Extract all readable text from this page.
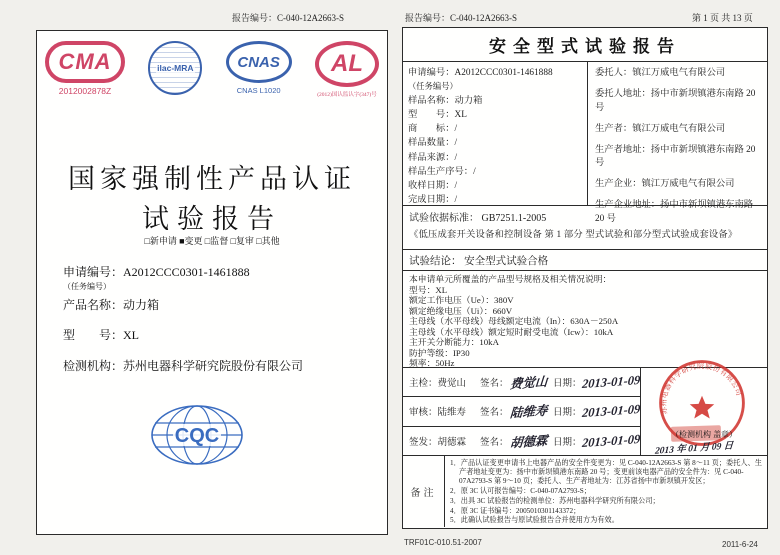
报告编号：C-040-12A2663-S	报告编号：C-040-12A2663-S	第 1 页 共 13 页
CMA
2012002878Z
ilac-MRA	CNAS
CNAS L1020
AL
(2012)国认监认字(347)号
国家强制性产品认证
试验报告
□新申请 ■变更 □监督 □复审 □其他
申请编号：A2012CCC0301-1461888
（任务编号）
产品名称：动力箱
型　　号：XL
检测机构：苏州电器科学研究院股份有限公司
CQC
安全型式试验报告
申请编号：A2012CCC0301-1461888
（任务编号）
样品名称：动力箱
型　　号：XL
商　　标：/
样品数量：/
样品来源：/
样品生产序号：/
收样日期：/
完成日期：/
委托人：镇江万威电气有限公司
委托人地址：扬中市新坝镇港东南路 20 号
生产者：镇江万威电气有限公司
生产者地址：扬中市新坝镇港东南路 20 号
生产企业：镇江万威电气有限公司
生产企业地址：扬中市新坝镇港东南路 20 号
试验依据标准： GB7251.1-2005
《低压成套开关设备和控制设备 第 1 部分 型式试验和部分型式试验成套设备》
试验结论： 安全型式试验合格
本申请单元所覆盖的产品型号规格及相关情况说明：
型号：XL
额定工作电压（Ue）：380V
额定绝缘电压（Ui）：660V
主母线（水平母线）母线额定电流（In）：630A－250A
主母线（水平母线）额定短时耐受电流（Icw）：10kA
主开关分断能力：10kA
防护等级：IP30
频率：50Hz
主检：费觉山 签名： 费觉山 日期： 2013-01-09
审核：陆维寿 签名： 陆维寿 日期： 2013-01-09
签发：胡德霖 签名： 胡德霖 日期： 2013-01-09
苏州电器科学研究院股份有限公司
（检测机构 盖章）
2013 年 01 月 09 日
备注
1．产品认证变更申请书上电器产品的安全件变更为：见 C-040-12A2663-S 第 8～11 页；委托人、生产者地址变更为：扬中市新坝镇港东南路 20 号；变更前该电器产品的安全件为：见 C-040-07A2793-S 第 9～10 页；委托人、生产者地址为：江苏省扬中市新坝镇开发区；
2．原 3C 认可报告编号：C-040-07A2793-S；
3．出具 3C 试验报告的检测单位：苏州电器科学研究所有限公司；
4．原 3C 证书编号：2005010301143372；
5．此确认试验报告与原试验报告合并使用方为有效。
TRF01C-010.51-2007	2011-6-24
